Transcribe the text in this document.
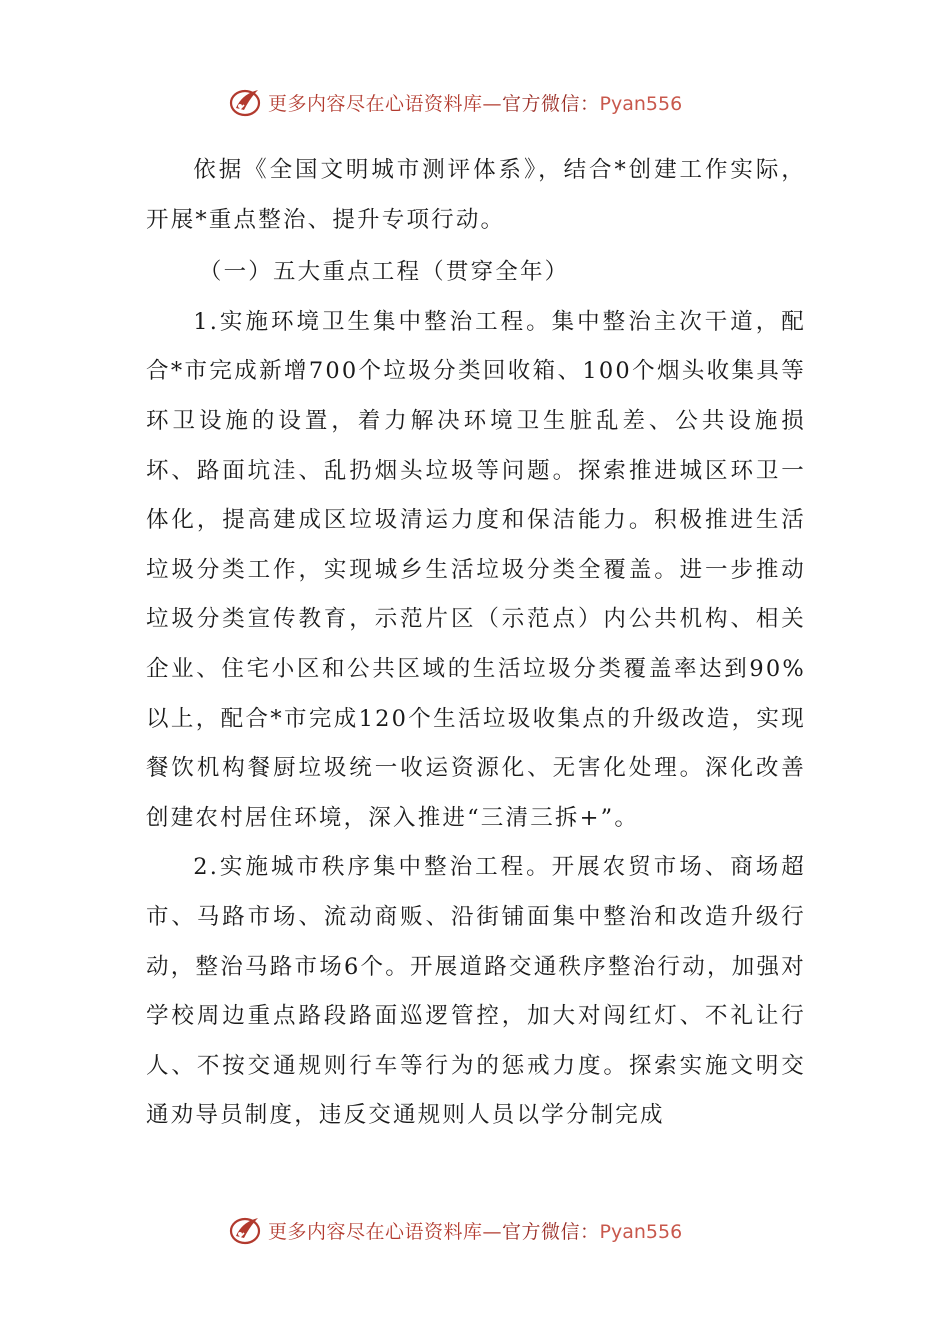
更多内容尽在心语资料库—官方微信：Pyan556

依据《全国文明城市测评体系》，结合*创建工作实际，开展*重点整治、提升专项行动。

（一）五大重点工程（贯穿全年）

1.实施环境卫生集中整治工程。集中整治主次干道，配合*市完成新增700个垃圾分类回收箱、100个烟头收集具等环卫设施的设置，着力解决环境卫生脏乱差、公共设施损坏、路面坑洼、乱扔烟头垃圾等问题。探索推进城区环卫一体化，提高建成区垃圾清运力度和保洁能力。积极推进生活垃圾分类工作，实现城乡生活垃圾分类全覆盖。进一步推动垃圾分类宣传教育，示范片区（示范点）内公共机构、相关企业、住宅小区和公共区域的生活垃圾分类覆盖率达到90%以上，配合*市完成120个生活垃圾收集点的升级改造，实现餐饮机构餐厨垃圾统一收运资源化、无害化处理。深化改善创建农村居住环境，深入推进“三清三拆+”。

2.实施城市秩序集中整治工程。开展农贸市场、商场超市、马路市场、流动商贩、沿街铺面集中整治和改造升级行动，整治马路市场6个。开展道路交通秩序整治行动，加强对学校周边重点路段路面巡逻管控，加大对闯红灯、不礼让行人、不按交通规则行车等行为的惩戒力度。探索实施文明交通劝导员制度，违反交通规则人员以学分制完成

更多内容尽在心语资料库—官方微信：Pyan556
